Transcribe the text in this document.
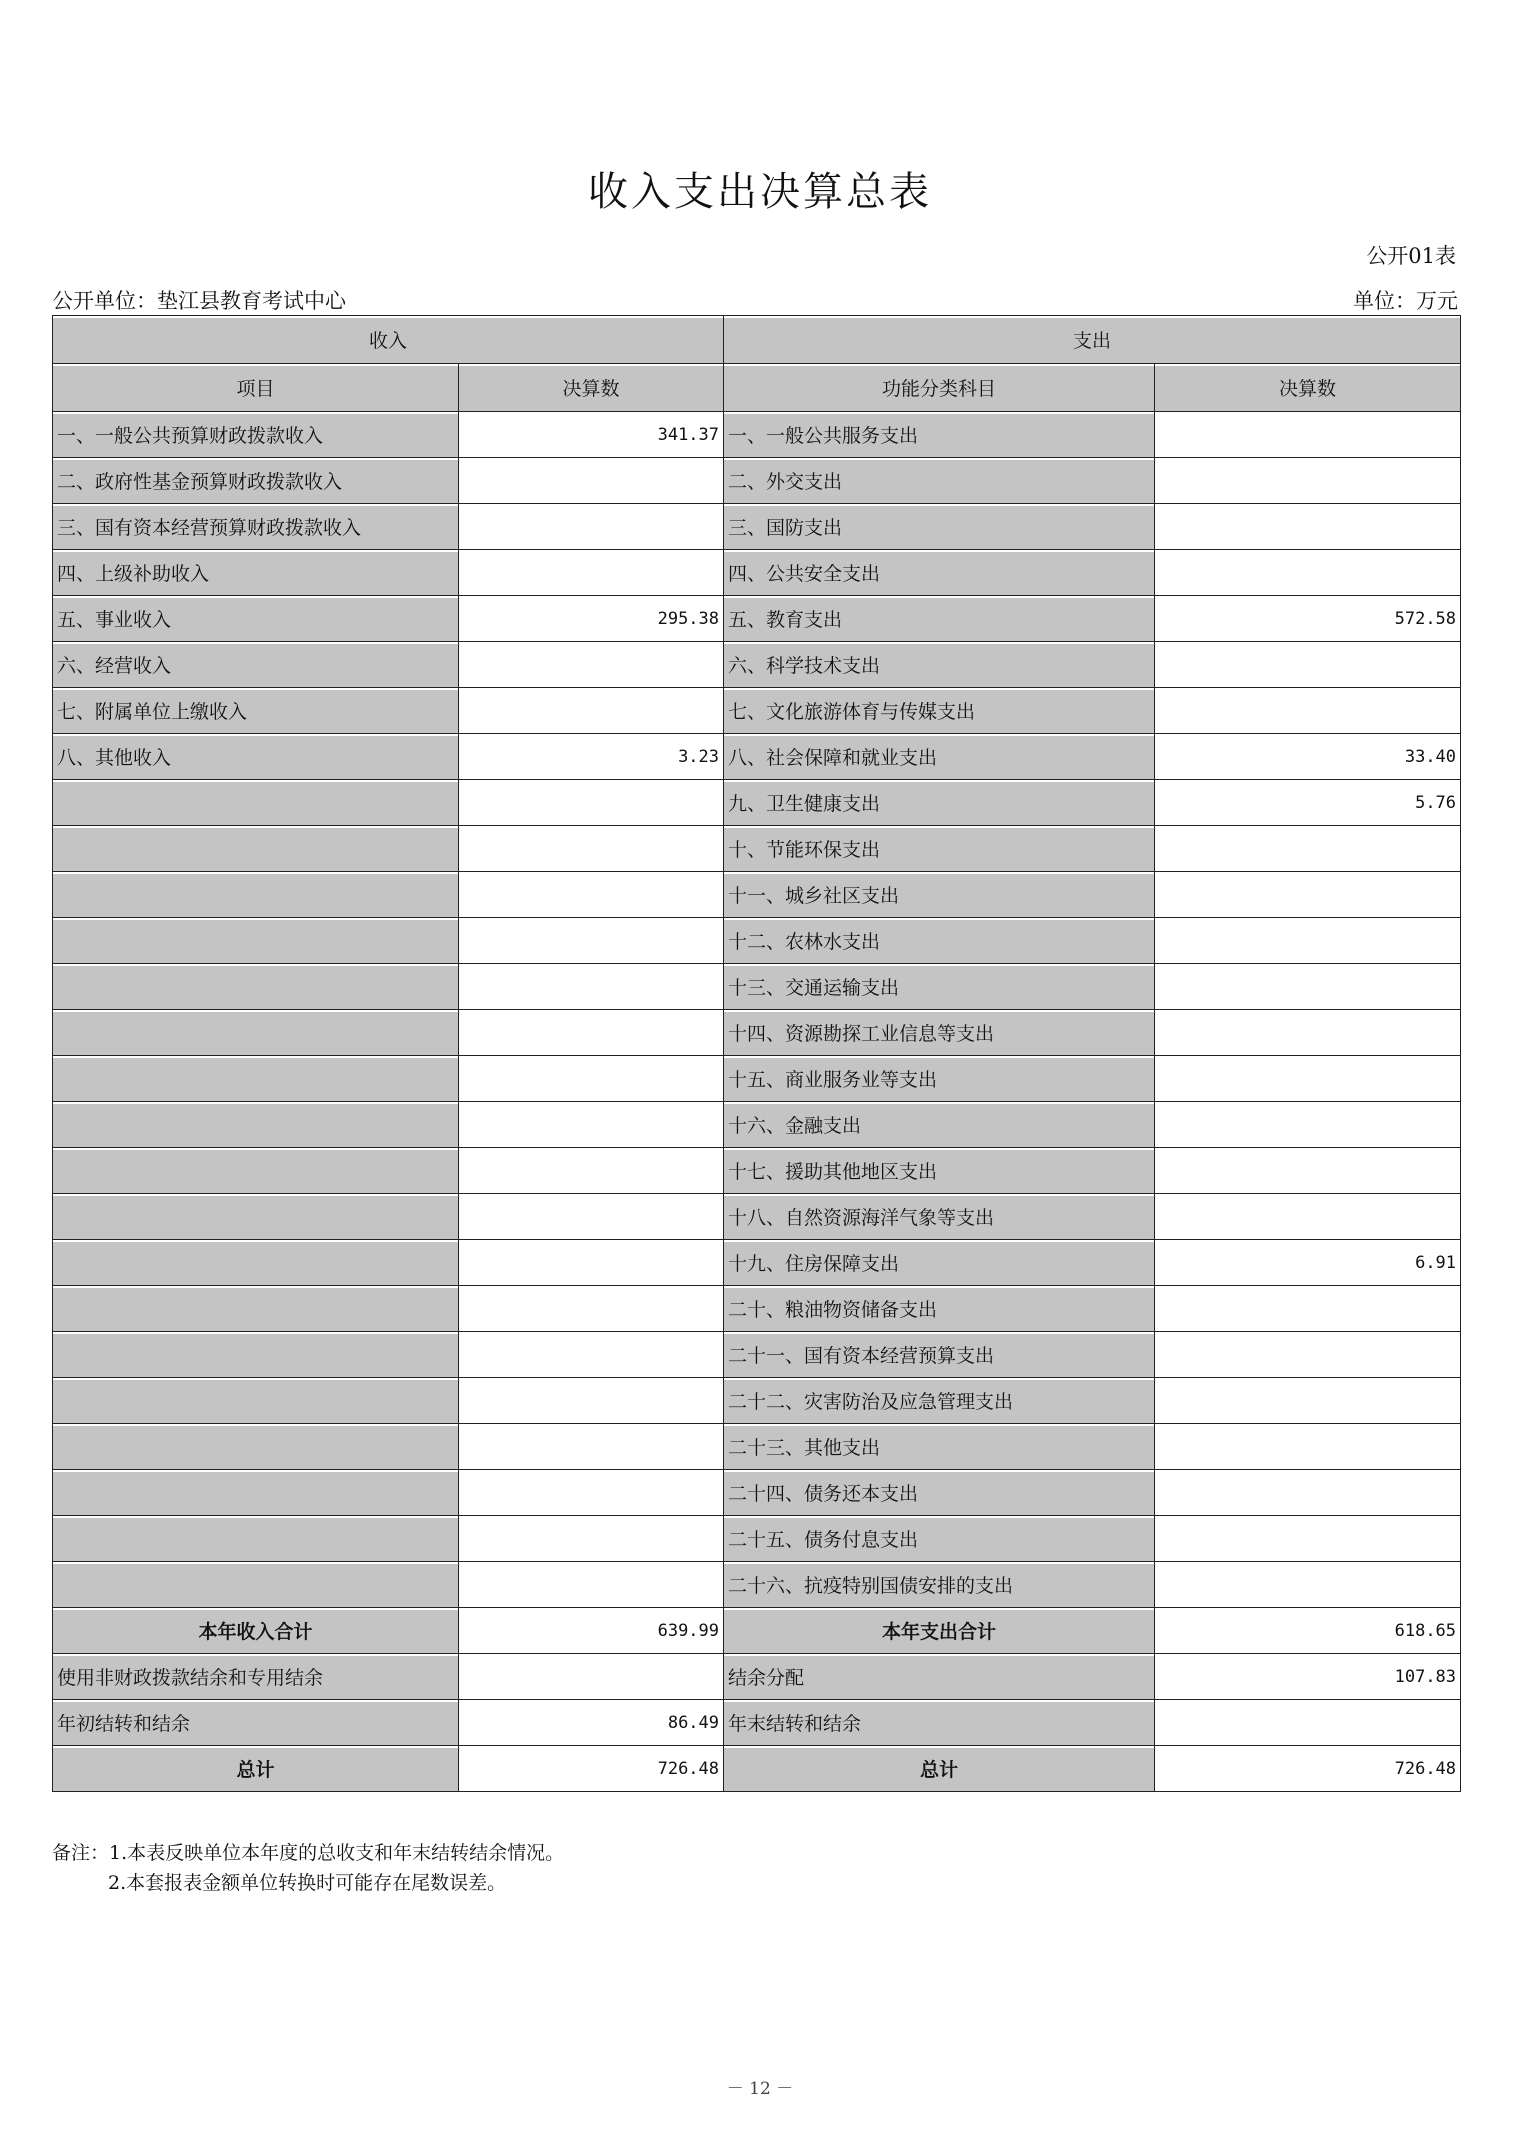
收入支出决算总表
公开01表
公开单位：垫江县教育考试中心	单位：万元
收入		支出	
项目	决算数	功能分类科目	决算数
一、一般公共预算财政拨款收入	341.37	一、一般公共服务支出	
二、政府性基金预算财政拨款收入		二、外交支出	
三、国有资本经营预算财政拨款收入		三、国防支出	
四、上级补助收入		四、公共安全支出	
五、事业收入	295.38	五、教育支出	572.58
六、经营收入		六、科学技术支出	
七、附属单位上缴收入		七、文化旅游体育与传媒支出	
八、其他收入	3.23	八、社会保障和就业支出	33.40
		九、卫生健康支出	5.76
		十、节能环保支出	
		十一、城乡社区支出	
		十二、农林水支出	
		十三、交通运输支出	
		十四、资源勘探工业信息等支出	
		十五、商业服务业等支出	
		十六、金融支出	
		十七、援助其他地区支出	
		十八、自然资源海洋气象等支出	
		十九、住房保障支出	6.91
		二十、粮油物资储备支出	
		二十一、国有资本经营预算支出	
		二十二、灾害防治及应急管理支出	
		二十三、其他支出	
		二十四、债务还本支出	
		二十五、债务付息支出	
		二十六、抗疫特别国债安排的支出	
本年收入合计	639.99	本年支出合计	618.65
使用非财政拨款结余和专用结余		结余分配	107.83
年初结转和结余	86.49	年末结转和结余	
总计	726.48	总计	726.48
备注：1.本表反映单位本年度的总收支和年末结转结余情况。
2.本套报表金额单位转换时可能存在尾数误差。
－ 12 －
